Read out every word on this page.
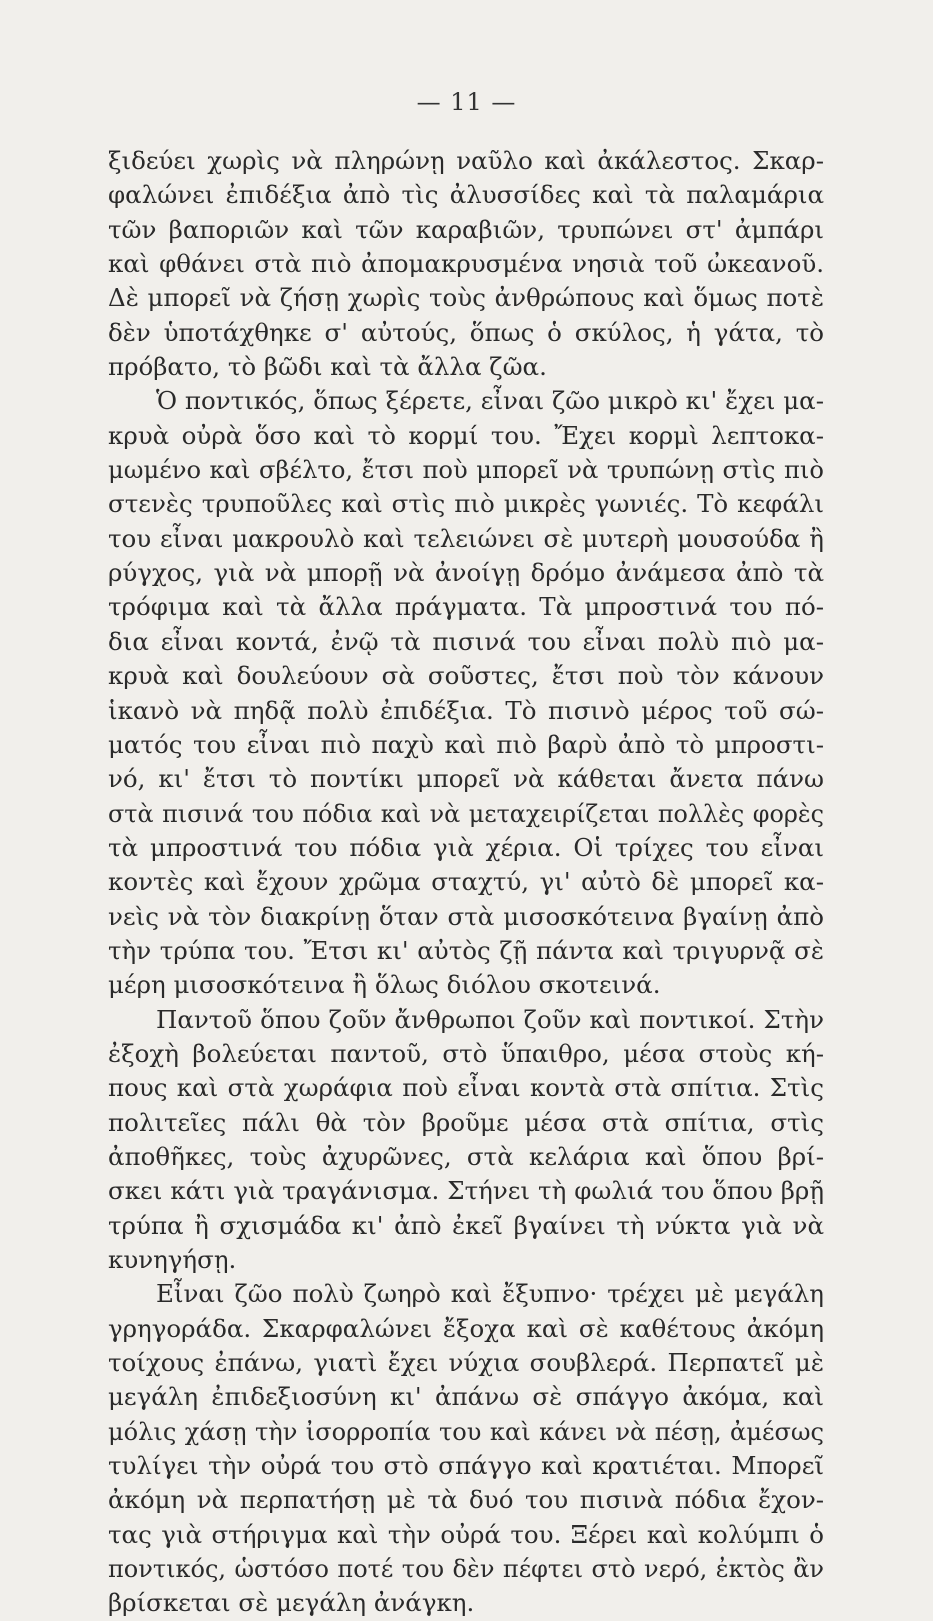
— 11 —
ξιδεύει χωρὶς νὰ πληρώνῃ ναῦλο καὶ ἀκάλεστος. Σκαρ-
φαλώνει ἐπιδέξια ἀπὸ τὶς ἀλυσσίδες καὶ τὰ παλαμάρια
τῶν βαποριῶν καὶ τῶν καραβιῶν, τρυπώνει στ' ἀμπάρι
καὶ φθάνει στὰ πιὸ ἀπομακρυσμένα νησιὰ τοῦ ὠκεανοῦ.
Δὲ μπορεῖ νὰ ζήσῃ χωρὶς τοὺς ἀνθρώπους καὶ ὅμως ποτὲ
δὲν ὑποτάχθηκε σ' αὐτούς, ὅπως ὁ σκύλος, ἡ γάτα, τὸ
πρόβατο, τὸ βῶδι καὶ τὰ ἄλλα ζῶα.
Ὁ ποντικός, ὅπως ξέρετε, εἶναι ζῶο μικρὸ κι' ἔχει μα-
κρυὰ οὐρὰ ὅσο καὶ τὸ κορμί του. Ἔχει κορμὶ λεπτοκα-
μωμένο καὶ σβέλτο, ἔτσι ποὺ μπορεῖ νὰ τρυπώνῃ στὶς πιὸ
στενὲς τρυποῦλες καὶ στὶς πιὸ μικρὲς γωνιές. Τὸ κεφάλι
του εἶναι μακρουλὸ καὶ τελειώνει σὲ μυτερὴ μουσούδα ἢ
ρύγχος, γιὰ νὰ μπορῇ νὰ ἀνοίγῃ δρόμο ἀνάμεσα ἀπὸ τὰ
τρόφιμα καὶ τὰ ἄλλα πράγματα. Τὰ μπροστινά του πό-
δια εἶναι κοντά, ἐνῷ τὰ πισινά του εἶναι πολὺ πιὸ μα-
κρυὰ καὶ δουλεύουν σὰ σοῦστες, ἔτσι ποὺ τὸν κάνουν
ἱκανὸ νὰ πηδᾷ πολὺ ἐπιδέξια. Τὸ πισινὸ μέρος τοῦ σώ-
ματός του εἶναι πιὸ παχὺ καὶ πιὸ βαρὺ ἀπὸ τὸ μπροστι-
νό, κι' ἔτσι τὸ ποντίκι μπορεῖ νὰ κάθεται ἄνετα πάνω
στὰ πισινά του πόδια καὶ νὰ μεταχειρίζεται πολλὲς φορὲς
τὰ μπροστινά του πόδια γιὰ χέρια. Οἱ τρίχες του εἶναι
κοντὲς καὶ ἔχουν χρῶμα σταχτύ, γι' αὐτὸ δὲ μπορεῖ κα-
νεὶς νὰ τὸν διακρίνῃ ὅταν στὰ μισοσκότεινα βγαίνῃ ἀπὸ
τὴν τρύπα του. Ἔτσι κι' αὐτὸς ζῇ πάντα καὶ τριγυρνᾷ σὲ
μέρη μισοσκότεινα ἢ ὅλως διόλου σκοτεινά.
Παντοῦ ὅπου ζοῦν ἄνθρωποι ζοῦν καὶ ποντικοί. Στὴν
ἐξοχὴ βολεύεται παντοῦ, στὸ ὕπαιθρο, μέσα στοὺς κή-
πους καὶ στὰ χωράφια ποὺ εἶναι κοντὰ στὰ σπίτια. Στὶς
πολιτεῖες πάλι θὰ τὸν βροῦμε μέσα στὰ σπίτια, στὶς
ἀποθῆκες, τοὺς ἀχυρῶνες, στὰ κελάρια καὶ ὅπου βρί-
σκει κάτι γιὰ τραγάνισμα. Στήνει τὴ φωλιά του ὅπου βρῇ
τρύπα ἢ σχισμάδα κι' ἀπὸ ἐκεῖ βγαίνει τὴ νύκτα γιὰ νὰ
κυνηγήσῃ.
Εἶναι ζῶο πολὺ ζωηρὸ καὶ ἔξυπνο· τρέχει μὲ μεγάλη
γρηγοράδα. Σκαρφαλώνει ἔξοχα καὶ σὲ καθέτους ἀκόμη
τοίχους ἐπάνω, γιατὶ ἔχει νύχια σουβλερά. Περπατεῖ μὲ
μεγάλη ἐπιδεξιοσύνη κι' ἀπάνω σὲ σπάγγο ἀκόμα, καὶ
μόλις χάσῃ τὴν ἰσορροπία του καὶ κάνει νὰ πέσῃ, ἀμέσως
τυλίγει τὴν οὐρά του στὸ σπάγγο καὶ κρατιέται. Μπορεῖ
ἀκόμη νὰ περπατήσῃ μὲ τὰ δυό του πισινὰ πόδια ἔχον-
τας γιὰ στήριγμα καὶ τὴν οὐρά του. Ξέρει καὶ κολύμπι ὁ
ποντικός, ὡστόσο ποτέ του δὲν πέφτει στὸ νερό, ἐκτὸς ἂν
βρίσκεται σὲ μεγάλη ἀνάγκη.
